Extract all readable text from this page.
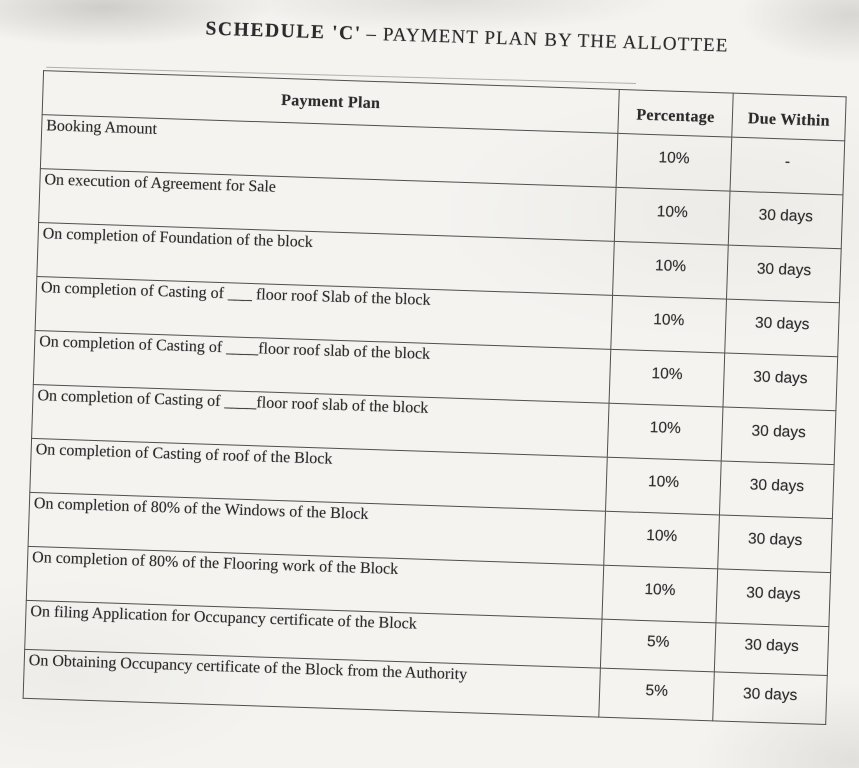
SCHEDULE 'C' – PAYMENT PLAN BY THE ALLOTTEE
Payment Plan	Percentage	Due Within
Booking Amount	10%	-
On execution of Agreement for Sale	10%	30 days
On completion of Foundation of the block	10%	30 days
On completion of Casting of ___ floor roof Slab of the block	10%	30 days
On completion of Casting of ____floor roof slab of the block	10%	30 days
On completion of Casting of ____floor roof slab of the block	10%	30 days
On completion of Casting of roof of the Block	10%	30 days
On completion of 80% of the Windows of the Block	10%	30 days
On completion of 80% of the Flooring work of the Block	10%	30 days
On filing Application for Occupancy certificate of the Block	5%	30 days
On Obtaining Occupancy certificate of the Block from the Authority	5%	30 days
